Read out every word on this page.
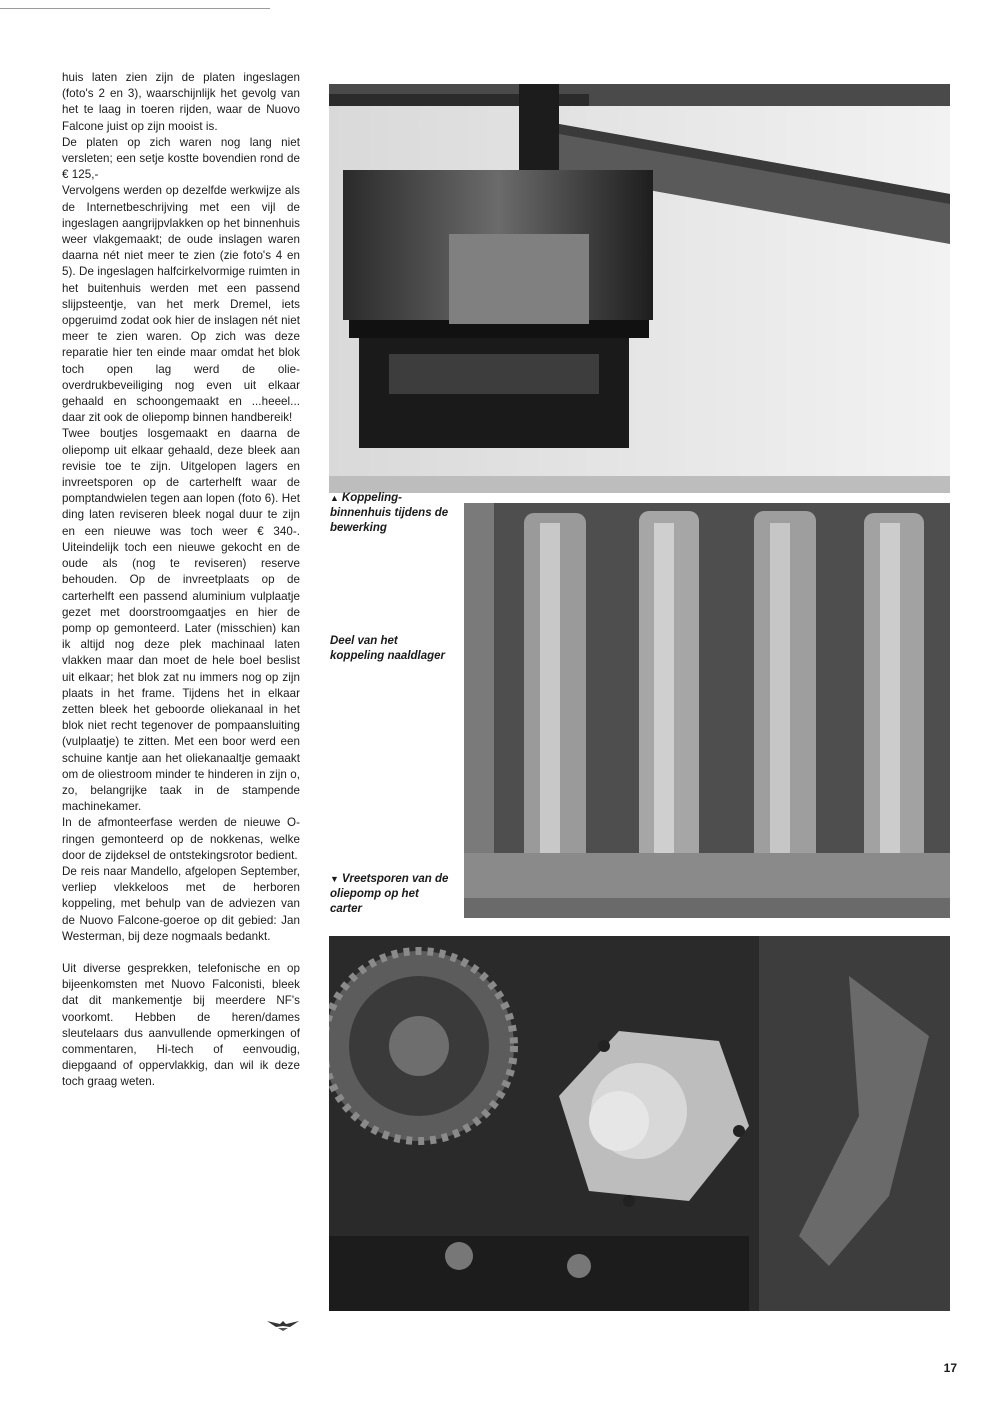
huis laten zien zijn de platen ingeslagen (foto's 2 en 3), waarschijnlijk het gevolg van het te laag in toeren rijden, waar de Nuovo Falcone juist op zijn mooist is.

De platen op zich waren nog lang niet versleten; een setje kostte bovendien rond de € 125,-

Vervolgens werden op dezelfde werkwijze als de Internetbeschrijving met een vijl de ingeslagen aangrijpvlakken op het binnenhuis weer vlakgemaakt; de oude inslagen waren daarna nét niet meer te zien (zie foto's 4 en 5). De ingeslagen halfcirkelvormige ruimten in het buitenhuis werden met een passend slijpsteentje, van het merk Dremel, iets opgeruimd zodat ook hier de inslagen nét niet meer te zien waren. Op zich was deze reparatie hier ten einde maar omdat het blok toch open lag werd de olie-overdrukbeveiliging nog even uit elkaar gehaald en schoongemaakt en ...heeel... daar zit ook de oliepomp binnen handbereik!

Twee boutjes losgemaakt en daarna de oliepomp uit elkaar gehaald, deze bleek aan revisie toe te zijn. Uitgelopen lagers en invreetsporen op de carterhelft waar de pomptandwielen tegen aan lopen (foto 6). Het ding laten reviseren bleek nogal duur te zijn en een nieuwe was toch weer € 340-. Uiteindelijk toch een nieuwe gekocht en de oude als (nog te reviseren) reserve behouden. Op de invreetplaats op de carterhelft een passend aluminium vulplaatje gezet met doorstroomgaatjes en hier de pomp op gemonteerd. Later (misschien) kan ik altijd nog deze plek machinaal laten vlakken maar dan moet de hele boel beslist uit elkaar; het blok zat nu immers nog op zijn plaats in het frame. Tijdens het in elkaar zetten bleek het geboorde oliekanaal in het blok niet recht tegenover de pompaansluiting (vulplaatje) te zitten. Met een boor werd een schuine kantje aan het oliekanaaltje gemaakt om de oliestroom minder te hinderen in zijn o, zo, belangrijke taak in de stampende machinekamer.

In de afmonteerfase werden de nieuwe O-ringen gemonteerd op de nokkenas, welke door de zijdeksel de ontstekingsrotor bedient.

De reis naar Mandello, afgelopen September, verliep vlekkeloos met de herboren koppeling, met behulp van de adviezen van de Nuovo Falcone-goeroe op dit gebied: Jan Westerman, bij deze nogmaals bedankt.

Uit diverse gesprekken, telefonische en op bijeenkomsten met Nuovo Falconisti, bleek dat dit mankementje bij meerdere NF's voorkomt. Hebben de heren/dames sleutelaars dus aanvullende opmerkingen of commentaren, Hi-tech of eenvoudig, diepgaand of oppervlakkig, dan wil ik deze toch graag weten.

▲ Koppeling-binnenhuis tijdens de bewerking
Deel van het koppeling naaldlager
▼ Vreetsporen van de oliepomp op het carter
17
